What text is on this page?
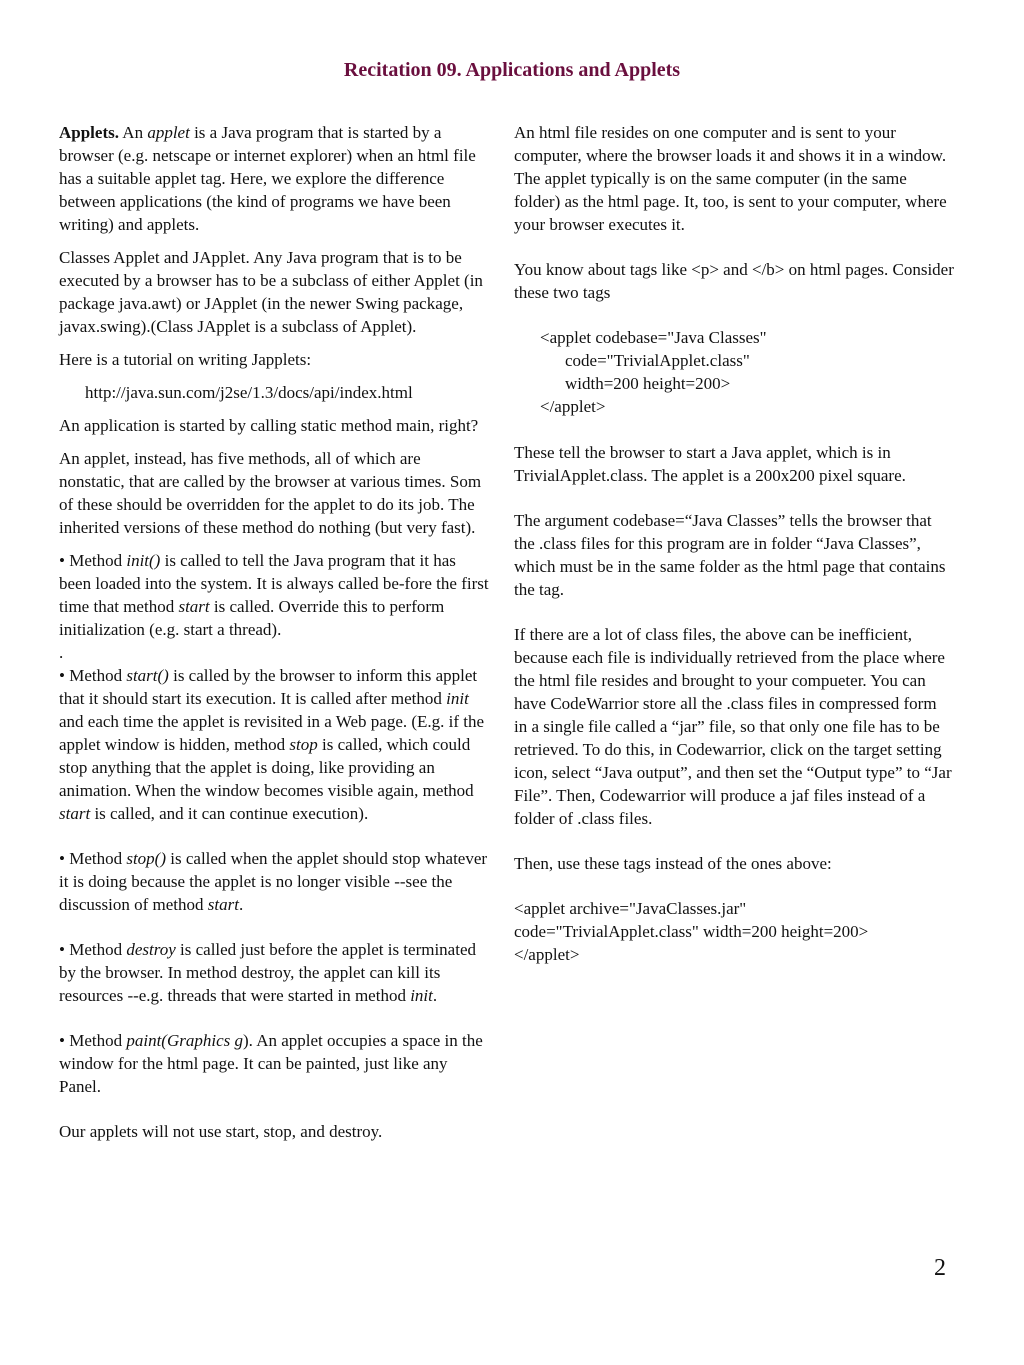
Recitation 09. Applications and Applets

Applets. An applet is a Java program that is started by a browser (e.g. netscape or internet explorer) when an html file has a suitable applet tag. Here, we explore the difference between applications (the kind of programs we have been writing) and applets.

Classes Applet and JApplet. Any Java program that is to be executed by a browser has to be a subclass of either Applet (in package java.awt) or JApplet (in the newer Swing package, javax.swing).(Class JApplet is a subclass of Applet).

Here is a tutorial on writing Japplets:

http://java.sun.com/j2se/1.3/docs/api/index.html

An application is started by calling static method main, right?

An applet, instead, has five methods, all of which are nonstatic, that are called by the browser at various times. Som of these should be overridden for the applet to do its job. The inherited versions of these method do nothing (but very fast).

• Method init() is called to tell the Java program that it has been loaded into the system. It is always called be-fore the first time that method start is called. Override this to perform initialization (e.g. start a thread).

.

• Method start() is called by the browser to inform this applet that it should start its execution. It is called after method init and each time the applet is revisited in a Web page. (E.g. if the applet window is hidden, method stop is called, which could stop anything that the applet is doing, like providing an animation. When the window becomes visible again, method start is called, and it can continue execution).

• Method stop() is called when the applet should stop whatever it is doing because the applet is no longer visible --see the discussion of method start.

• Method destroy is called just before the applet is terminated by the browser. In method destroy, the applet can kill its resources --e.g. threads that were started in method init.

• Method paint(Graphics g). An applet occupies a space in the window for the html page. It can be painted, just like any Panel.

Our applets will not use start, stop, and destroy.

An html file resides on one computer and is sent to your computer, where the browser loads it and shows it in a window. The applet typically is on the same computer (in the same folder) as the html page. It, too, is sent to your computer, where your browser executes it.

You know about tags like <p> and </b> on html pages. Consider these two tags

<applet codebase="Java Classes"

code="TrivialApplet.class"

width=200 height=200>

</applet>

These tell the browser to start a Java applet, which is in TrivialApplet.class. The applet is a 200x200 pixel square.

The argument codebase=“Java Classes” tells the browser that the .class files for this program are in folder “Java Classes”, which must be in the same folder as the html page that contains the tag.

If there are a lot of class files, the above can be inefficient, because each file is individually retrieved from the place where the html file resides and brought to your compueter. You can have CodeWarrior store all the .class files in compressed form in a single file called a “jar” file, so that only one file has to be retrieved. To do this, in Codewarrior, click on the target setting icon, select “Java output”, and then set the “Output type” to “Jar File”. Then, Codewarrior will produce a jaf files instead of a folder of .class files.

Then, use these tags instead of the ones above:

<applet archive="JavaClasses.jar"

code="TrivialApplet.class" width=200 height=200>

</applet>

2
